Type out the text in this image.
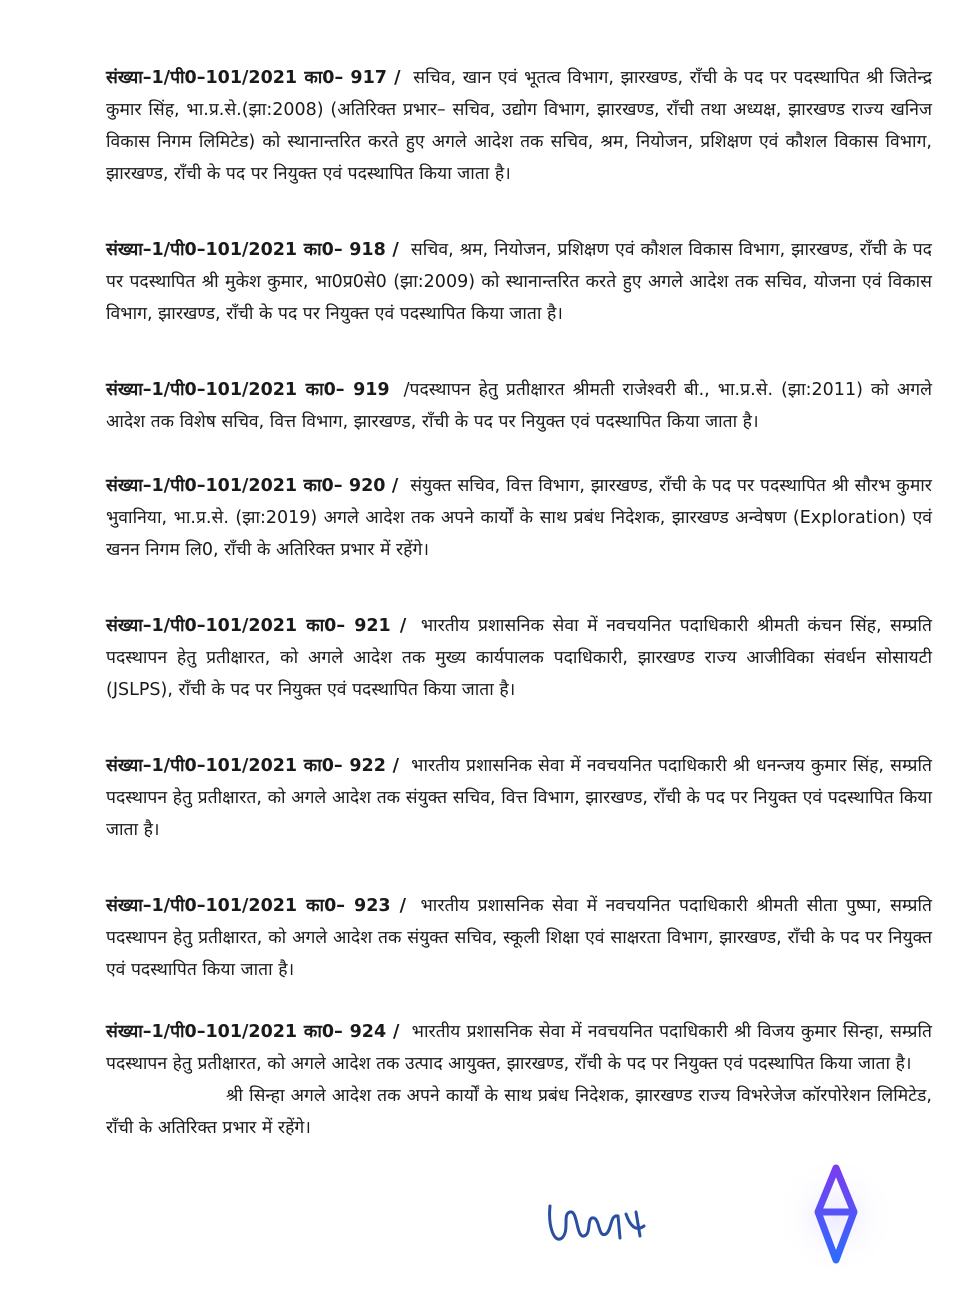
संख्या–1/पी0–101/2021 का0– 917 / सचिव, खान एवं भूतत्व विभाग, झारखण्ड, राँची के पद पर पदस्थापित श्री जितेन्द्र कुमार सिंह, भा.प्र.से.(झा:2008) (अतिरिक्त प्रभार– सचिव, उद्योग विभाग, झारखण्ड, राँची तथा अध्यक्ष, झारखण्ड राज्य खनिज विकास निगम लिमिटेड) को स्थानान्तरित करते हुए अगले आदेश तक सचिव, श्रम, नियोजन, प्रशिक्षण एवं कौशल विकास विभाग, झारखण्ड, राँची के पद पर नियुक्त एवं पदस्थापित किया जाता है।

संख्या–1/पी0–101/2021 का0– 918 / सचिव, श्रम, नियोजन, प्रशिक्षण एवं कौशल विकास विभाग, झारखण्ड, राँची के पद पर पदस्थापित श्री मुकेश कुमार, भा0प्र0से0 (झा:2009) को स्थानान्तरित करते हुए अगले आदेश तक सचिव, योजना एवं विकास विभाग, झारखण्ड, राँची के पद पर नियुक्त एवं पदस्थापित किया जाता है।

संख्या–1/पी0–101/2021 का0– 919 /पदस्थापन हेतु प्रतीक्षारत श्रीमती राजेश्वरी बी., भा.प्र.से. (झा:2011) को अगले आदेश तक विशेष सचिव, वित्त विभाग, झारखण्ड, राँची के पद पर नियुक्त एवं पदस्थापित किया जाता है।

संख्या–1/पी0–101/2021 का0– 920 / संयुक्त सचिव, वित्त विभाग, झारखण्ड, राँची के पद पर पदस्थापित श्री सौरभ कुमार भुवानिया, भा.प्र.से. (झा:2019) अगले आदेश तक अपने कार्यों के साथ प्रबंध निदेशक, झारखण्ड अन्वेषण (Exploration) एवं खनन निगम लि0, राँची के अतिरिक्त प्रभार में रहेंगे।

संख्या–1/पी0–101/2021 का0– 921 / भारतीय प्रशासनिक सेवा में नवचयनित पदाधिकारी श्रीमती कंचन सिंह, सम्प्रति पदस्थापन हेतु प्रतीक्षारत, को अगले आदेश तक मुख्य कार्यपालक पदाधिकारी, झारखण्ड राज्य आजीविका संवर्धन सोसायटी (JSLPS), राँची के पद पर नियुक्त एवं पदस्थापित किया जाता है।

संख्या–1/पी0–101/2021 का0– 922 / भारतीय प्रशासनिक सेवा में नवचयनित पदाधिकारी श्री धनन्जय कुमार सिंह, सम्प्रति पदस्थापन हेतु प्रतीक्षारत, को अगले आदेश तक संयुक्त सचिव, वित्त विभाग, झारखण्ड, राँची के पद पर नियुक्त एवं पदस्थापित किया जाता है।

संख्या–1/पी0–101/2021 का0– 923 / भारतीय प्रशासनिक सेवा में नवचयनित पदाधिकारी श्रीमती सीता पुष्पा, सम्प्रति पदस्थापन हेतु प्रतीक्षारत, को अगले आदेश तक संयुक्त सचिव, स्कूली शिक्षा एवं साक्षरता विभाग, झारखण्ड, राँची के पद पर नियुक्त एवं पदस्थापित किया जाता है।

संख्या–1/पी0–101/2021 का0– 924 / भारतीय प्रशासनिक सेवा में नवचयनित पदाधिकारी श्री विजय कुमार सिन्हा, सम्प्रति पदस्थापन हेतु प्रतीक्षारत, को अगले आदेश तक उत्पाद आयुक्त, झारखण्ड, राँची के पद पर नियुक्त एवं पदस्थापित किया जाता है।

श्री सिन्हा अगले आदेश तक अपने कार्यों के साथ प्रबंध निदेशक, झारखण्ड राज्य विभरेजेज कॉरपोरेशन लिमिटेड, राँची के अतिरिक्त प्रभार में रहेंगे।
